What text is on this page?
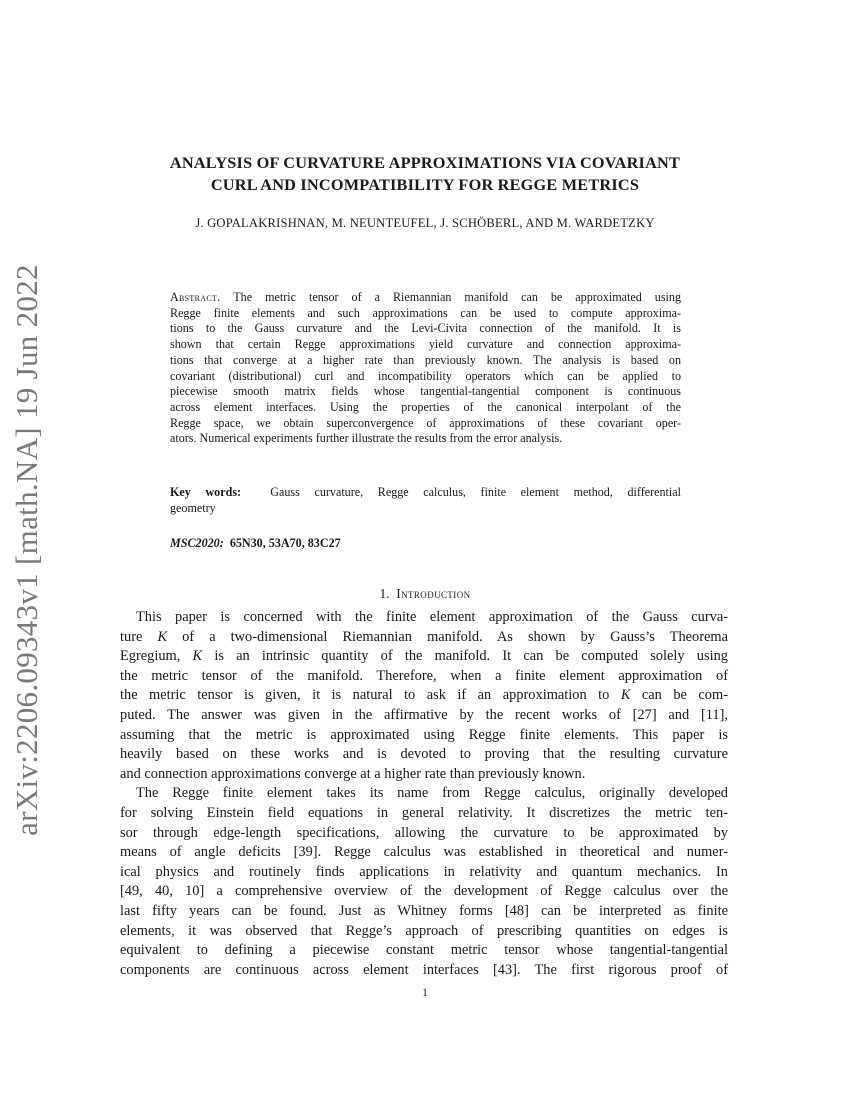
arXiv:2206.09343v1 [math.NA] 19 Jun 2022
ANALYSIS OF CURVATURE APPROXIMATIONS VIA COVARIANT
CURL AND INCOMPATIBILITY FOR REGGE METRICS
J. GOPALAKRISHNAN, M. NEUNTEUFEL, J. SCHÖBERL, AND M. WARDETZKY
Abstract. The metric tensor of a Riemannian manifold can be approximated using
Regge finite elements and such approximations can be used to compute approxima-
tions to the Gauss curvature and the Levi-Civita connection of the manifold. It is
shown that certain Regge approximations yield curvature and connection approxima-
tions that converge at a higher rate than previously known. The analysis is based on
covariant (distributional) curl and incompatibility operators which can be applied to
piecewise smooth matrix fields whose tangential-tangential component is continuous
across element interfaces. Using the properties of the canonical interpolant of the
Regge space, we obtain superconvergence of approximations of these covariant oper-
ators. Numerical experiments further illustrate the results from the error analysis.
Key words: Gauss curvature, Regge calculus, finite element method, differential
geometry
MSC2020: 65N30, 53A70, 83C27
1. Introduction
This paper is concerned with the finite element approximation of the Gauss curva-
ture K of a two-dimensional Riemannian manifold. As shown by Gauss’s Theorema
Egregium, K is an intrinsic quantity of the manifold. It can be computed solely using
the metric tensor of the manifold. Therefore, when a finite element approximation of
the metric tensor is given, it is natural to ask if an approximation to K can be com-
puted. The answer was given in the affirmative by the recent works of [27] and [11],
assuming that the metric is approximated using Regge finite elements. This paper is
heavily based on these works and is devoted to proving that the resulting curvature
and connection approximations converge at a higher rate than previously known.
The Regge finite element takes its name from Regge calculus, originally developed
for solving Einstein field equations in general relativity. It discretizes the metric ten-
sor through edge-length specifications, allowing the curvature to be approximated by
means of angle deficits [39]. Regge calculus was established in theoretical and numer-
ical physics and routinely finds applications in relativity and quantum mechanics. In
[49, 40, 10] a comprehensive overview of the development of Regge calculus over the
last fifty years can be found. Just as Whitney forms [48] can be interpreted as finite
elements, it was observed that Regge’s approach of prescribing quantities on edges is
equivalent to defining a piecewise constant metric tensor whose tangential-tangential
components are continuous across element interfaces [43]. The first rigorous proof of
1
